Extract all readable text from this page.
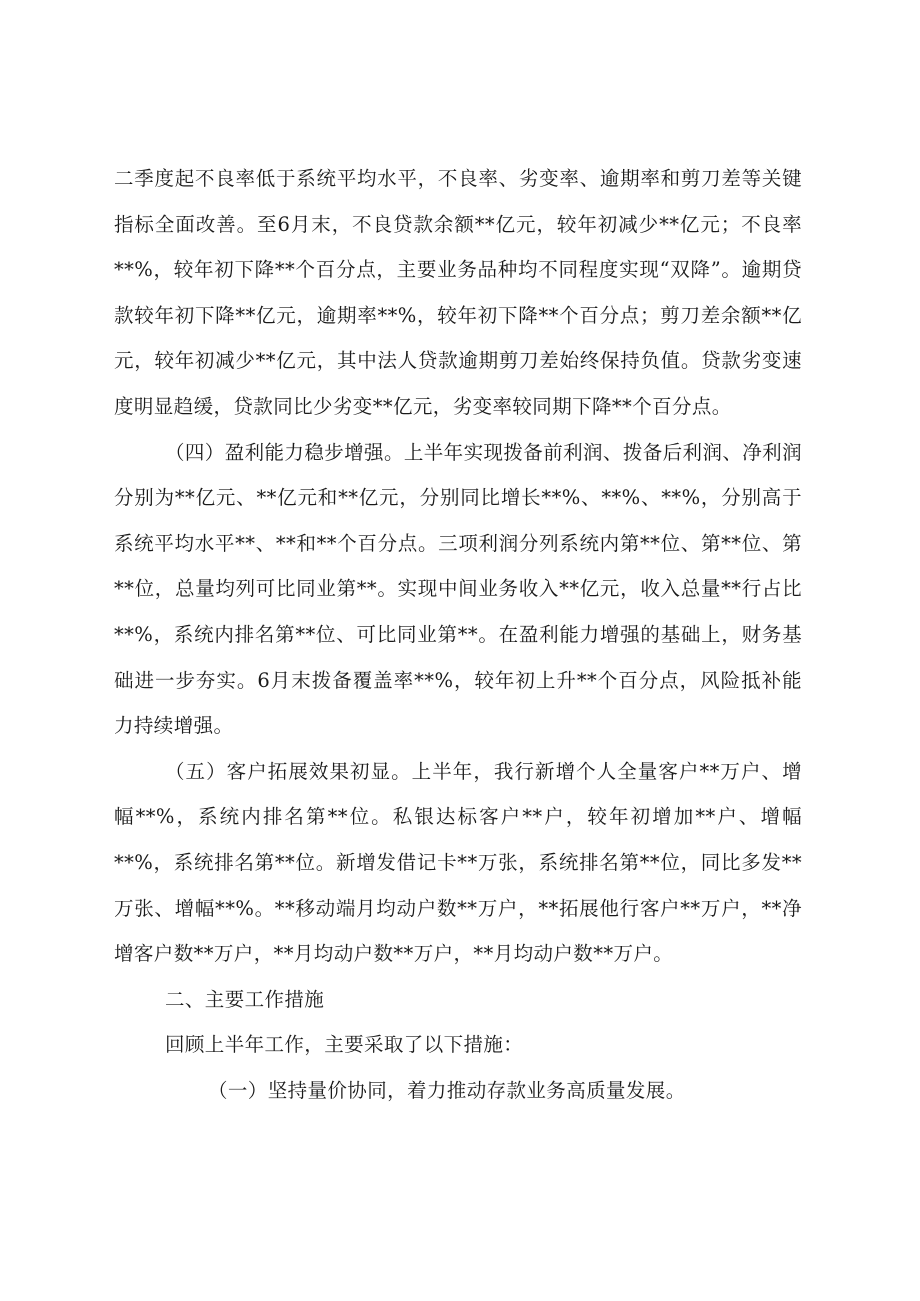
二季度起不良率低于系统平均水平，不良率、劣变率、逾期率和剪刀差等关键指标全面改善。至6月末，不良贷款余额**亿元，较年初减少**亿元；不良率**%，较年初下降**个百分点，主要业务品种均不同程度实现“双降”。逾期贷款较年初下降**亿元，逾期率**%，较年初下降**个百分点；剪刀差余额**亿元，较年初减少**亿元，其中法人贷款逾期剪刀差始终保持负值。贷款劣变速度明显趋缓，贷款同比少劣变**亿元，劣变率较同期下降**个百分点。

（四）盈利能力稳步增强。上半年实现拨备前利润、拨备后利润、净利润分别为**亿元、**亿元和**亿元，分别同比增长**%、**%、**%，分别高于系统平均水平**、**和**个百分点。三项利润分列系统内第**位、第**位、第**位，总量均列可比同业第**。实现中间业务收入**亿元，收入总量**行占比**%，系统内排名第**位、可比同业第**。在盈利能力增强的基础上，财务基础进一步夯实。6月末拨备覆盖率**%，较年初上升**个百分点，风险抵补能力持续增强。

（五）客户拓展效果初显。上半年，我行新增个人全量客户**万户、增幅**%，系统内排名第**位。私银达标客户**户，较年初增加**户、增幅**%，系统排名第**位。新增发借记卡**万张，系统排名第**位，同比多发**万张、增幅**%。**移动端月均动户数**万户，**拓展他行客户**万户，**净增客户数**万户，**月均动户数**万户，**月均动户数**万户。

二、主要工作措施

回顾上半年工作，主要采取了以下措施：

（一）坚持量价协同，着力推动存款业务高质量发展。
